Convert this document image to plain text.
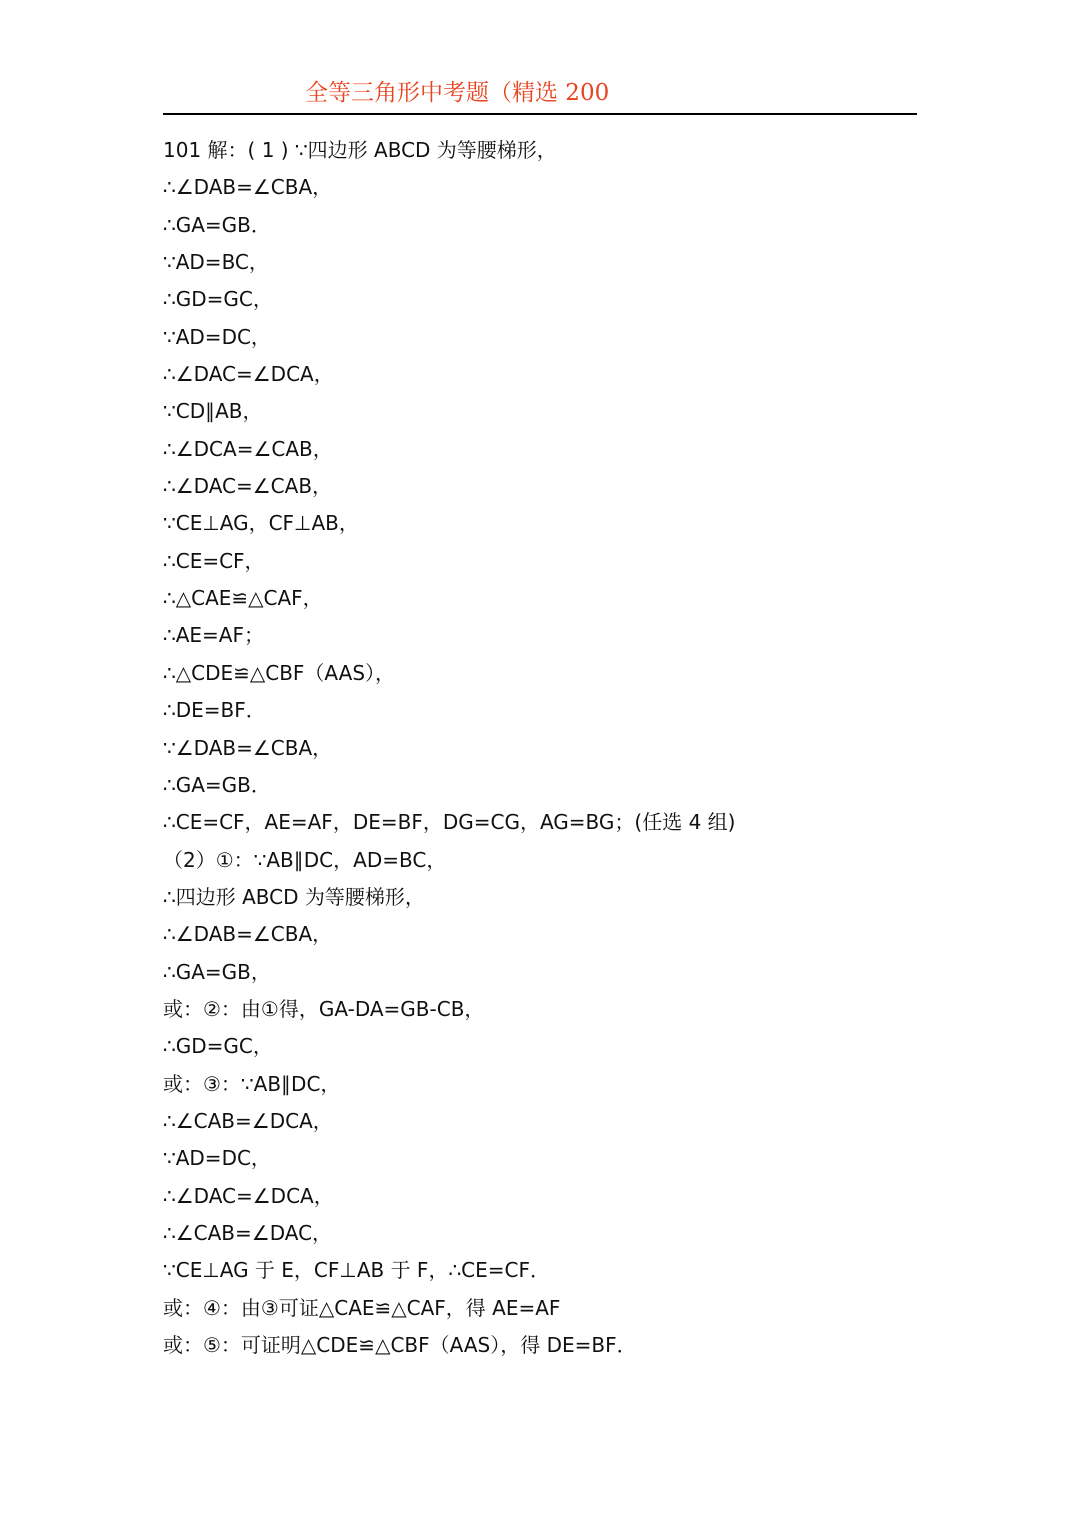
全等三角形中考题（精选 200
101 解：( 1 ) ∵四边形 ABCD 为等腰梯形，
∴∠DAB=∠CBA，
∴GA=GB．
∵AD=BC，
∴GD=GC，
∵AD=DC，
∴∠DAC=∠DCA，
∵CD∥AB，
∴∠DCA=∠CAB，
∴∠DAC=∠CAB，
∵CE⊥AG，CF⊥AB，
∴CE=CF，
∴△CAE≌△CAF，
∴AE=AF；
∴△CDE≌△CBF（AAS），
∴DE=BF．
∵∠DAB=∠CBA，
∴GA=GB．
∴CE=CF，AE=AF，DE=BF，DG=CG，AG=BG；(任选 4 组)
（2）①：∵AB∥DC，AD=BC，
∴四边形 ABCD 为等腰梯形，
∴∠DAB=∠CBA，
∴GA=GB，
或：②：由①得，GA-DA=GB-CB，
∴GD=GC，
或：③：∵AB∥DC，
∴∠CAB=∠DCA，
∵AD=DC，
∴∠DAC=∠DCA，
∴∠CAB=∠DAC，
∵CE⊥AG 于 E，CF⊥AB 于 F，∴CE=CF．
或：④：由③可证△CAE≌△CAF，得 AE=AF
或：⑤：可证明△CDE≌△CBF（AAS），得 DE=BF．
